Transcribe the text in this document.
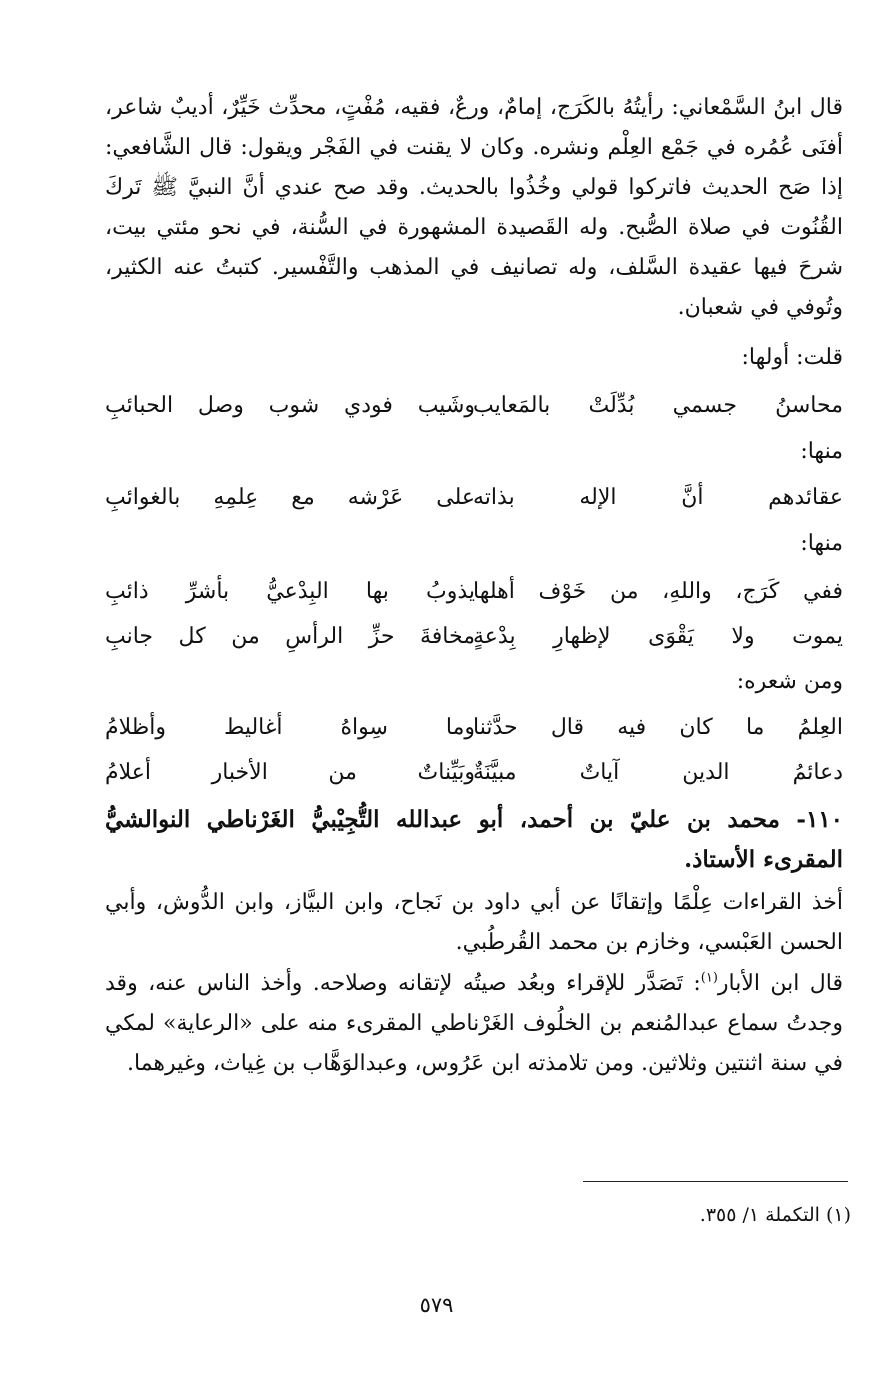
قال ابنُ السَّمْعاني: رأيتُهُ بالكَرَج، إمامٌ، ورعٌ، فقيه، مُفْتٍ، محدِّث خَيِّرٌ، أديبٌ شاعر، أفنَى عُمُره في جَمْع العِلْم ونشره. وكان لا يقنت في الفَجْر ويقول: قال الشَّافعي: إذا صَح الحديث فاتركوا قولي وخُذُوا بالحديث. وقد صح عندي أنَّ النبيَّ ﷺ تَركَ القُنُوت في صلاة الصُّبح. وله القَصيدة المشهورة في السُّنة، في نحو مئتي بيت، شرحَ فيها عقيدة السَّلف، وله تصانيف في المذهب والتَّفْسير. كتبتُ عنه الكثير، وتُوفي في شعبان.

قلت: أولها:
محاسنُ جسمي بُدِّلَتْ بالمَعايب
وشَيب فودي شوب وصل الحبائبِ
منها:
عقائدهم أنَّ الإله بذاته
على عَرْشه مع عِلمِهِ بالغوائبِ
منها:
ففي كَرَج، واللهِ، من خَوْف أهلها
يذوبُ بها البِدْعيُّ بأشرِّ ذائبِ
يموت ولا يَقْوَى لإظهارِ بِدْعةٍ
مخافةَ حزِّ الرأسِ من كل جانبِ
ومن شعره:
العِلمُ ما كان فيه قال حدَّثنا
وما سِواهُ أغاليط وأظلامُ
دعائمُ الدين آياتٌ مبيَّنَةٌ
وبَيِّناتٌ من الأخبار أعلامُ

١١٠- محمد بن عليّ بن أحمد، أبو عبدالله التُّجِيْبيُّ الغَرْناطي النوالشيُّ المقرىء الأستاذ.

أخذ القراءات عِلْمًا وإتقانًا عن أبي داود بن نَجاح، وابن البيَّاز، وابن الدُّوش، وأبي الحسن العَبْسي، وخازم بن محمد القُرطُبي.

قال ابن الأبار$^{(١)}$: تَصَدَّر للإقراء وبعُد صيتُه لإتقانه وصلاحه. وأخذ الناس عنه، وقد وجدتُ سماع عبدالمُنعم بن الخلُوف الغَرْناطي المقرىء منه على «الرعاية» لمكي في سنة اثنتين وثلاثين. ومن تلامذته ابن عَرُوس، وعبدالوَهَّاب بن غِياث، وغيرهما.

(١) التكملة ١/ ٣٥٥.
٥٧٩
